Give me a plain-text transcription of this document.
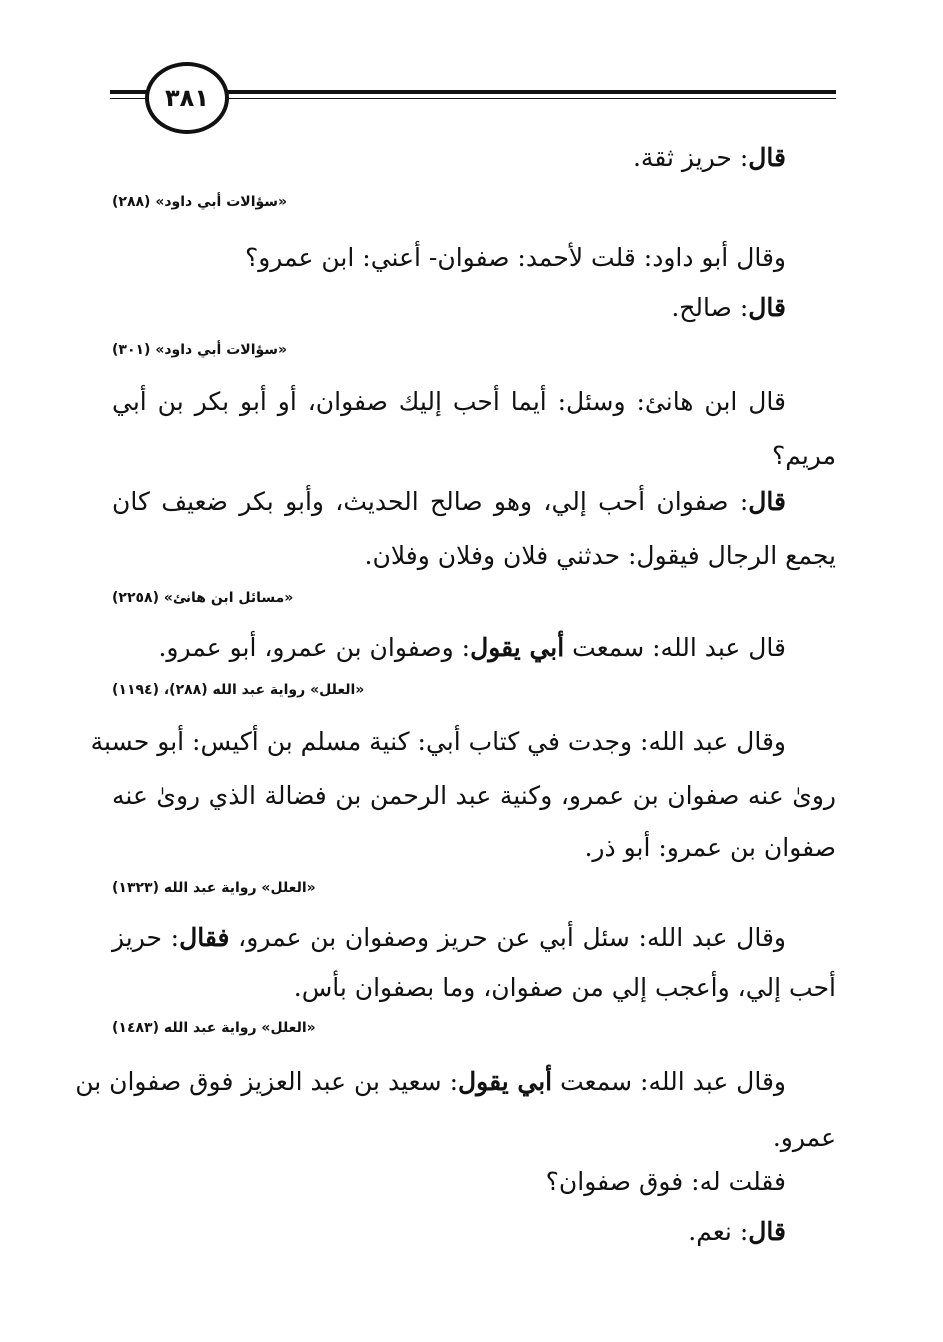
٣٨١
قال: حريز ثقة.
«سؤالات أبي داود» (٢٨٨)
وقال أبو داود: قلت لأحمد: صفوان- أعني: ابن عمرو؟
قال: صالح.
«سؤالات أبي داود» (٣٠١)
قال ابن هانئ: وسئل: أيما أحب إليك صفوان، أو أبو بكر بن أبي
مريم؟
قال: صفوان أحب إلي، وهو صالح الحديث، وأبو بكر ضعيف كان
يجمع الرجال فيقول: حدثني فلان وفلان وفلان.
«مسائل ابن هانئ» (٢٢٥٨)
قال عبد الله: سمعت أبي يقول: وصفوان بن عمرو، أبو عمرو.
«العلل» رواية عبد الله (٢٨٨)، (١١٩٤)
وقال عبد الله: وجدت في كتاب أبي: كنية مسلم بن أكيس: أبو حسبة
روىٰ عنه صفوان بن عمرو، وكنية عبد الرحمن بن فضالة الذي روىٰ عنه
صفوان بن عمرو: أبو ذر.
«العلل» رواية عبد الله (١٣٢٣)
وقال عبد الله: سئل أبي عن حريز وصفوان بن عمرو، فقال: حريز
أحب إلي، وأعجب إلي من صفوان، وما بصفوان بأس.
«العلل» رواية عبد الله (١٤٨٣)
وقال عبد الله: سمعت أبي يقول: سعيد بن عبد العزيز فوق صفوان بن
عمرو.
فقلت له: فوق صفوان؟
قال: نعم.
